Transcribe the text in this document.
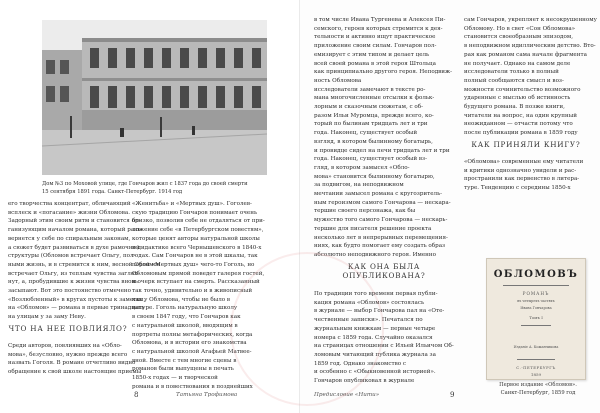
Дом №3 по Моховой улице, где Гончаров жил с 1837 года до своей смерти
15 сентября 1891 года. Санкт-Петербург. 1914 год
его творчества концентрат, обличающий
всплеск и «погасание» жизни Обломова.
Задорный этим своим ритм и становится ор-
ганизующим началом романа, который разъ-
вернется у себе по спиральным законам,
а сюжет будет развиваться в духе рамочной
структуры (Обломов встречает Ольгу, пол-
ными жизнь, и в стремится к ним, весной Обломов
встречает Ольгу, из теплым чувства заглох-
нут, а, пробудившие к жизни чувства вновь
засыпают. Вот это постоянство отмечено
«Возлюбленный» в кругах пустоты к заметки,
на «Обломов» — романа в первые тринадцать
на улицам у за заму Неву.
«Женитьба» и «Мертвых душ». Гоголев-
скую традицию Гончаров понимает очень
близко, позволив себе не отдаляться от при-
ложение себе «в Петербургском повестям»,
которые ценят авторы натуральной школы
и дидактике всего Чернышевского в 1840-х
годах. Сам Гончаров не в этой шкалы, так
порой «Мертвых душ» чего-то Гоголь, но
Обломовым прямой поведет галерея гостей,
и очерк вступает на смерть. Рассказанный
так точно, удивительно и в живописный
как у Обломова, чтобы не было в
натуре. Гоголь натуральную школу
в своем 1847 году, что Гончаров как
с натуральной школой, вводящим в
портреты полны метафорических, когда
Обломова, и в истории его знакомства
с натуральной школой Агафьей Матвее-
вной. Вместе с тем многие сцены в
романов были выпущены в печать
1850-х годах — и творческой
романа и в повествования в позднейших
ЧТО НА НЕЕ ПОВЛИЯЛО?
Среди авторов, повлиявших на «Обло-
мова», безусловно, нужно прежде всего
назвать Гоголя. В романе отчетливо видно
обращение к свой школе настоящие приемы
8	Татьяна Трофимова
в том числе Ивана Тургенева и Алексея Пи-
семского, героев которых стремится к дея-
тельности и активно ищут практическое
приложение своим силам. Гончаров пол-
емизирует с этим типом и делает цель
всей своей романа в этой героя Штольца
как принципиально другого героя. Неподвиж-
ность Обломова
исследователи замечают в тексте ро-
мана многочисленные отсылки к фольк-
лорным и сказочным сюжетам, с об-
разом Ильи Муромца, прежде всего, ко-
торый по былинам тридцать лет и три
года. Наконец, существует особый
взгляд, в котором былинному богатырь,
и провидце сидел на печи тридцать лет и три
года. Наконец, существует особый вз-
гляд, в котором замысел «Обло-
мова» становится былинному богатырю,
за подвигом, на неподвижном
мечтании замысел романа с кругозритель-
ным героизмом самого Гончарова — нескара-
тершие своего персонажа, как бы
мужество того самого Гончарова — нескарь-
тершие для писателя решение проекта
несколько лет в непрерывных перемещения-
ниях, как будто помогает ему создать образ
абсолютно неподвижного героя. Именно
сам Гончаров, укрепляет к несокрушенному
Обломову. Но в свет «Сон Обломова»
становится своеобразным эпизодом,
в неподвижном идиллическим детство. Вто-
рая как романом сама начале фрагмента
не получает. Однако на самом деле
исследователи только в полный
полный сообщаются смысл и воз-
можности сочинительство возможного
ударенные с мыслью об истинность
будущего романа. В позже книги,
читатели на вопрос, на один крупный
неожиданном — отчасти потому что
после публикации романа в 1859 году
КАК ПРИНЯЛИ КНИГУ?
«Обломова» современные ему читатели
и критики однозначно увидели и рас-
пространили как первенство в литера-
туре. Тенденцию с середины 1850-х
КАК ОНА БЫЛА
ОПУБЛИКОВАНА?
По традиции того времени первая публи-
кация романа «Обломов» состоялась
в журнале — выбор Гончарова пал на «Оте-
чественные записки». Печатался по
журнальным книжкам — первые четыре
номера с 1859 года. Случайно оказался
на страницах отношении с Ильей Ильичом Об-
ломовым читающий публика журнала за
1859 год. Однако знакомство с
и особенно с «Обыкновенной историей».
Гончаров опубликовал в журнале
9
Предисловие «Нити»
ОБЛОМОВЪ
РОМАНЪ
въ четырехъ частяхъ
Ивана Гончарова
Томъ I
Изданіе А. Кожанчикова
С.-ПЕТЕРБУРГЪ
1859
Первое издание «Обломов».
Санкт-Петербург, 1859 год
